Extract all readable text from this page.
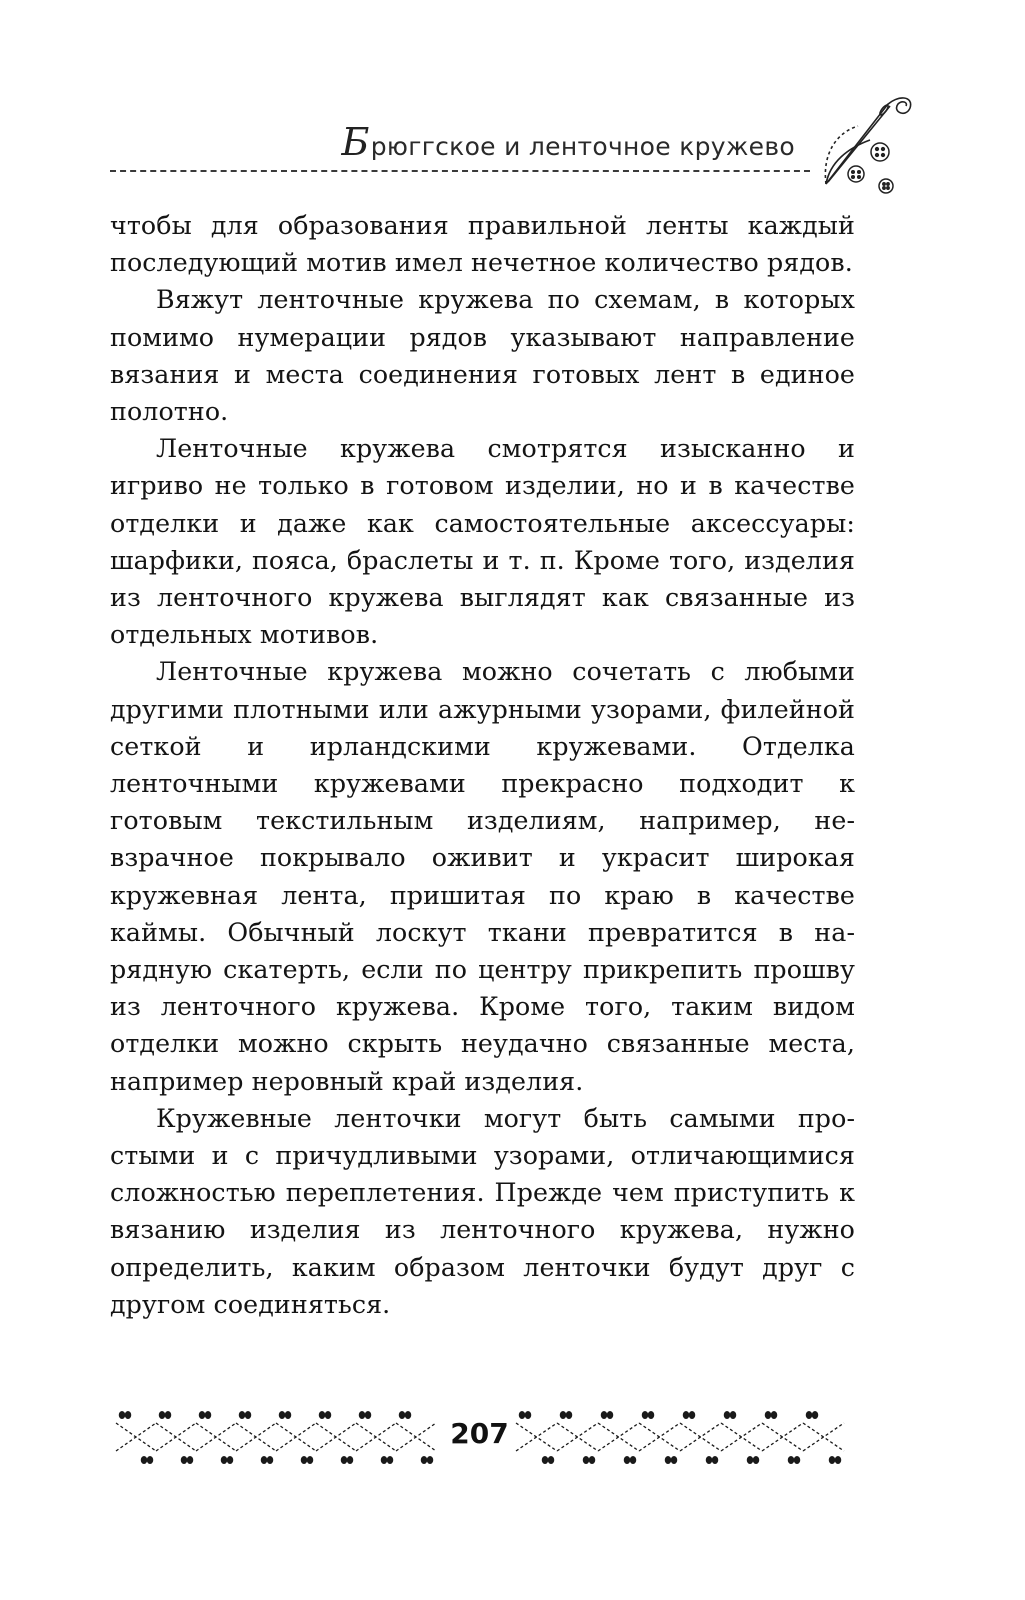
Брюггское и ленточное кружево

чтобы для образования правильной ленты каждый последующий мотив имел нечетное количество рядов.

Вяжут ленточные кружева по схемам, в которых помимо нумерации рядов указывают направление вязания и места соединения готовых лент в единое полотно.

Ленточные кружева смотрятся изысканно и игриво не только в готовом изделии, но и в качестве отделки и даже как самостоятельные аксессуары: шарфики, пояса, браслеты и т. п. Кроме того, изделия из ленточного кружева выглядят как связанные из отдельных мотивов.

Ленточные кружева можно сочетать с любыми другими плотными или ажурными узорами, филейной сеткой и ирландскими кружевами. Отделка ленточными кружевами прекрасно подходит к готовым текстильным изделиям, например, невзрачное покрывало оживит и украсит широкая кружевная лента, пришитая по краю в качестве каймы. Обычный лоскут ткани превратится в нарядную скатерть, если по центру прикрепить прошву из ленточного кружева. Кроме того, таким видом отделки можно скрыть неудачно связанные места, например неровный край изделия.

Кружевные ленточки могут быть самыми простыми и с причудливыми узорами, отличающимися сложностью переплетения. Прежде чем приступить к вязанию изделия из ленточного кружева, нужно определить, каким образом ленточки будут друг с другом соединяться.

207
